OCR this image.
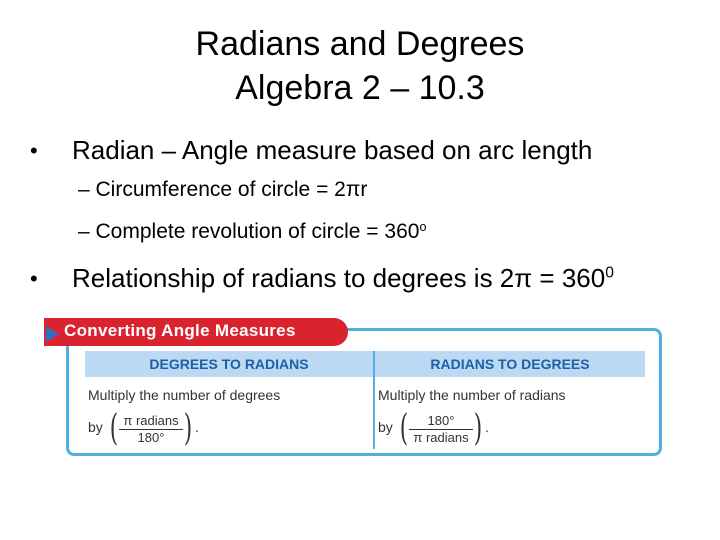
Radians and Degrees
Algebra 2 – 10.3
• Radian – Angle measure based on arc length
– Circumference of circle = 2πr
– Complete revolution of circle = $360^o$
• Relationship of radians to degrees is $2\pi = 360^0$
DEGREES TO RADIANS
Multiply the number of degrees
by ( π radians
180° ) .
RADIANS TO DEGREES
Multiply the number of radians
by (	180°
π radians ) .
Converting Angle Measures
